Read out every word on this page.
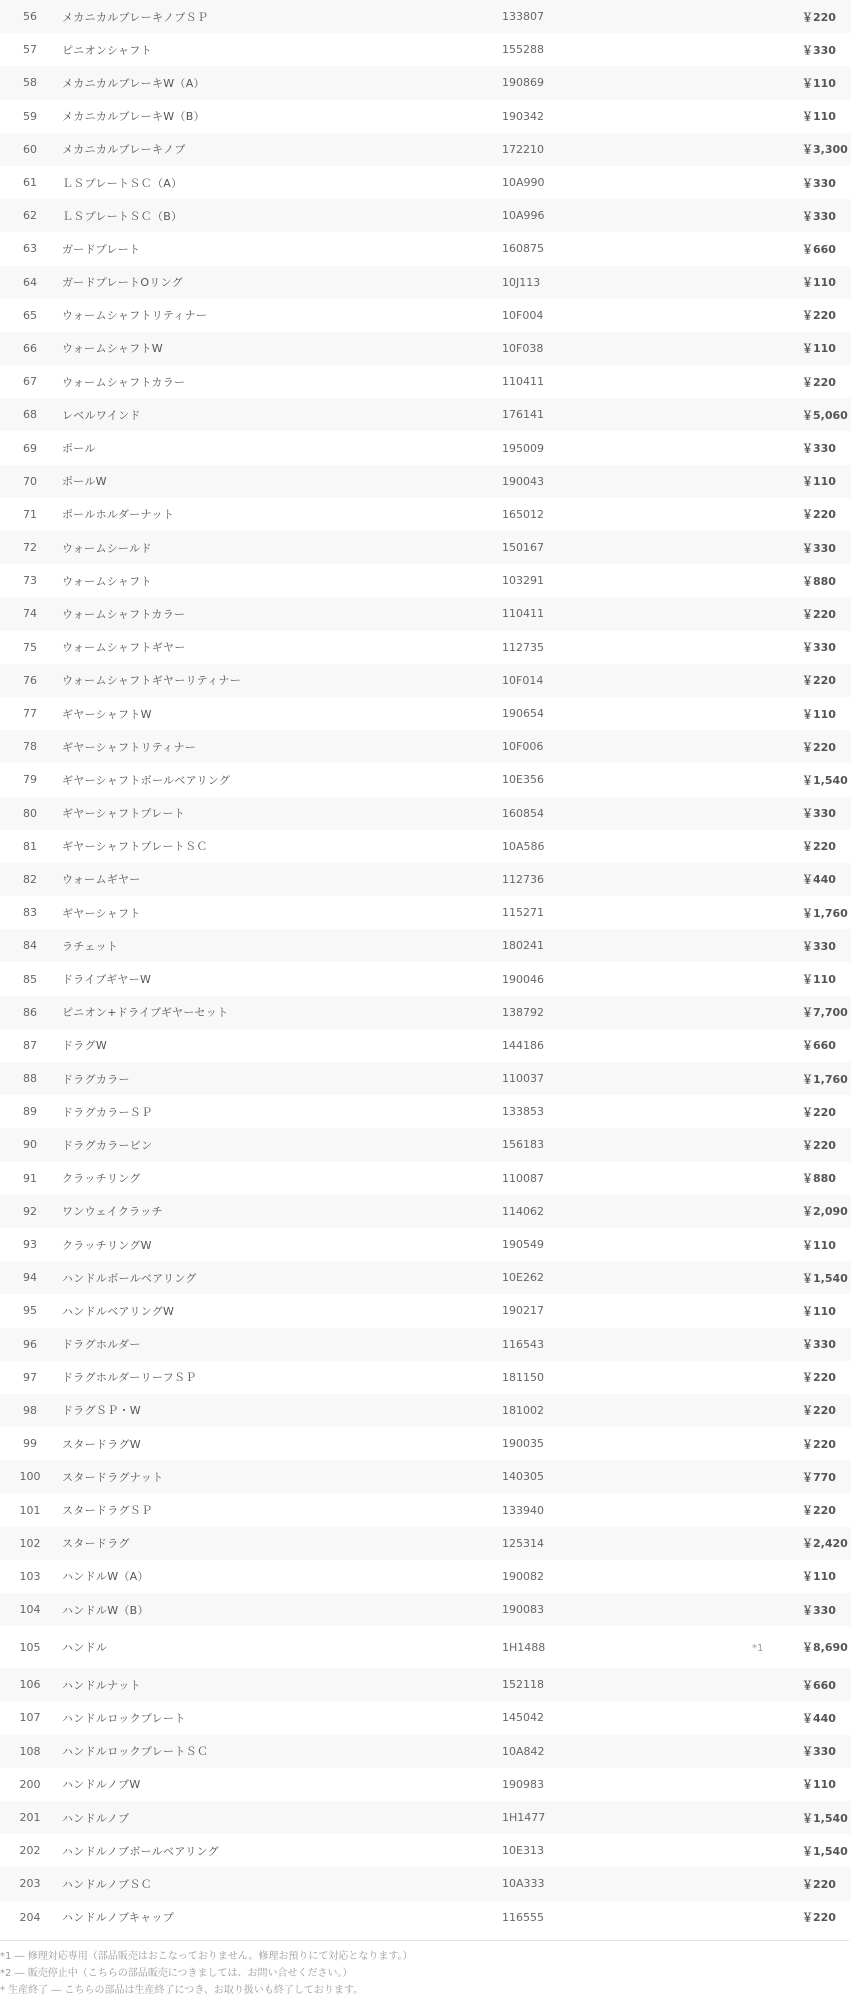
56	メカニカルブレーキノブＳＰ	133807	￥220	
57	ピニオンシャフト	155288	￥330	
58	メカニカルブレーキW（A）	190869	￥110	
59	メカニカルブレーキW（B）	190342	￥110	
60	メカニカルブレーキノブ	172210	￥3,300	
61	ＬＳプレートＳＣ（A）	10A990	￥330	
62	ＬＳプレートＳＣ（B）	10A996	￥330	
63	ガードプレート	160875	￥660	
64	ガードプレートOリング	10J113	￥110	
65	ウォームシャフトリティナー	10F004	￥220	
66	ウォームシャフトW	10F038	￥110	
67	ウォームシャフトカラー	110411	￥220	
68	レベルワインド	176141	￥5,060	
69	ポール	195009	￥330	
70	ポールW	190043	￥110	
71	ポールホルダーナット	165012	￥220	
72	ウォームシールド	150167	￥330	
73	ウォームシャフト	103291	￥880	
74	ウォームシャフトカラー	110411	￥220	
75	ウォームシャフトギヤー	112735	￥330	
76	ウォームシャフトギヤーリティナー	10F014	￥220	
77	ギヤーシャフトW	190654	￥110	
78	ギヤーシャフトリティナー	10F006	￥220	
79	ギヤーシャフトボールベアリング	10E356	￥1,540	
80	ギヤーシャフトプレート	160854	￥330	
81	ギヤーシャフトプレートＳＣ	10A586	￥220	
82	ウォームギヤー	112736	￥440	
83	ギヤーシャフト	115271	￥1,760	
84	ラチェット	180241	￥330	
85	ドライブギヤーW	190046	￥110	
86	ピニオン+ドライブギヤーセット	138792	￥7,700	
87	ドラグW	144186	￥660	
88	ドラグカラー	110037	￥1,760	
89	ドラグカラーＳＰ	133853	￥220	
90	ドラグカラーピン	156183	￥220	
91	クラッチリング	110087	￥880	
92	ワンウェイクラッチ	114062	￥2,090	
93	クラッチリングW	190549	￥110	
94	ハンドルボールベアリング	10E262	￥1,540	
95	ハンドルベアリングW	190217	￥110	
96	ドラグホルダー	116543	￥330	
97	ドラグホルダーリーフＳＰ	181150	￥220	
98	ドラグＳＰ・W	181002	￥220	
99	スタードラグW	190035	￥220	
100	スタードラグナット	140305	￥770	
101	スタードラグＳＰ	133940	￥220	
102	スタードラグ	125314	￥2,420	
103	ハンドルW（A）	190082	￥110	
104	ハンドルW（B）	190083	￥330	
105	ハンドル	1H1488	￥8,690	*1
106	ハンドルナット	152118	￥660	
107	ハンドルロックプレート	145042	￥440	
108	ハンドルロックプレートＳＣ	10A842	￥330	
200	ハンドルノブW	190983	￥110	
201	ハンドルノブ	1H1477	￥1,540	
202	ハンドルノブボールベアリング	10E313	￥1,540	
203	ハンドルノブＳＣ	10A333	￥220	
204	ハンドルノブキャップ	116555	￥220	

*1 ― 修理対応専用（部品販売はおこなっておりません。修理お預りにて対応となります。）

*2 ― 販売停止中（こちらの部品販売につきましては、お問い合せください。）

* 生産終了 ― こちらの部品は生産終了につき、お取り扱いも終了しております。
